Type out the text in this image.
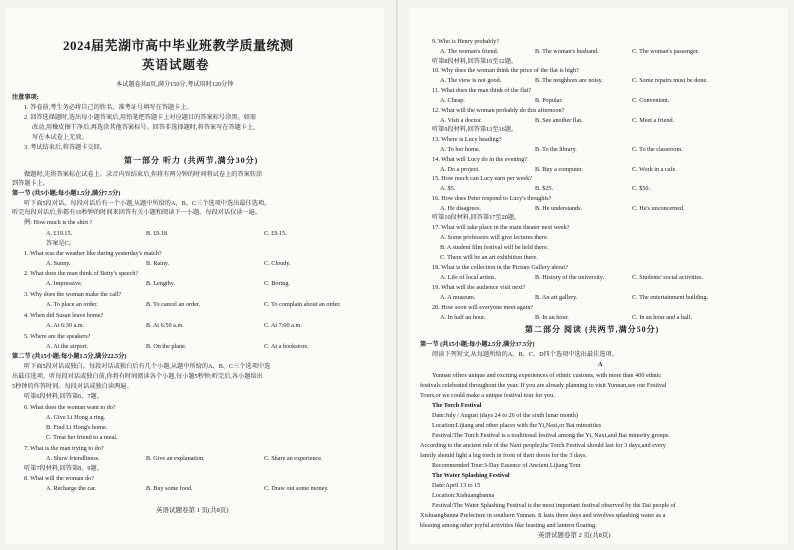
2024届芜湖市高中毕业班教学质量统测
英语试题卷
本试题卷共8页,满分150分,考试用时120分钟
注意事项:
1. 答卷前,考生务必将自己的姓名、准考证号填写在答题卡上。
2. 回答选择题时,选出每小题答案后,用铅笔把答题卡上对应题目的答案标号涂黑。如需
改动,用橡皮擦干净后,再选涂其他答案标号。回答非选择题时,将答案写在答题卡上,
写在本试卷上无效。
3. 考试结束后,将答题卡交回。
第一部分 听力 (共两节,满分30分)
做题时,先将答案标在试卷上。录音内容结束后,你将有两分钟的时间将试卷上的答案转涂
到答题卡上。
第一节 (共5小题;每小题1.5分,满分7.5分)
听下面5段对话。每段对话后有一个小题,从题中所给的A、B、C三个选项中选出最佳选项。
听完每段对话后,你都有10秒钟的时间来回答有关小题和阅读下一小题。每段对话仅读一遍。
例: How much is the shirt ?
A. £19.15.	B. £9.18.	C. £9.15.
答案是C。
1. What was the weather like during yesterday's match?
A. Sunny.	B. Rainy.	C. Cloudy.
2. What does the man think of Betty's speech?
A. Impressive.	B. Lengthy.	C. Boring.
3. Why does the woman make the call?
A. To place an order.	B. To cancel an order.	C. To complain about an order.
4. When did Susan leave home?
A. At 6:30 a.m.	B. At 6:50 a.m.	C. At 7:00 a.m.
5. Where are the speakers?
A. At the airport.	B. On the plane.	C. At a bookstore.
第二节 (共15小题;每小题1.5分,满分22.5分)
听下面5段对话或独白。每段对话或独白后有几个小题,从题中所给的A、B、C三个选项中选
出最佳选项。听每段对话或独白前,你将有时间阅读各个小题,每小题5秒钟;听完后,各小题给出
5秒钟的作答时间。每段对话或独白读两遍。
听第6段材料,回答第6、7题。
6. What does the woman want to do?
A. Give Li Hong a ring.
B. Find Li Hong's home.
C. Treat her friend to a meal.
7. What is the man trying to do?
A. Show friendliness.	B. Give an explanation.	C. Share an experience.
听第7段材料,回答第8、9题。
8. What will the woman do?
A. Recharge the car.	B. Buy some food.	C. Draw out some money.
英语试题卷第 1 页(共8页)
9. Who is Henry probably?
A. The woman's friend.	B. The woman's husband.	C. The woman's passenger.
听第8段材料,回答第10至12题。
10. Why does the woman think the price of the flat is high?
A. The view is not good.	B. The neighbors are noisy.	C. Some repairs must be done.
11. What does the man think of the flat?
A. Cheap.	B. Popular.	C. Convenient.
12. What will the woman probably do this afternoon?
A. Visit a doctor.	B. See another flat.	C. Meet a friend.
听第9段材料,回答第13至16题。
13. Where is Lucy heading?
A. To her home.	B. To the library.	C. To the classroom.
14. What will Lucy do in the evening?
A. Do a project.	B. Buy a computer.	C. Work in a cafe.
15. How much can Lucy earn per week?
A. $5.	B. $25.	C. $50.
16. How does Peter respond to Lucy's thoughts?
A. He disagrees.	B. He understands.	C. He's unconcerned.
听第10段材料,回答第17至20题。
17. What will take place in the main theater next week?
A. Some professors will give lectures there.
B. A student film festival will be held there.
C. There will be an art exhibition there.
18. What is the collection in the Picture Gallery about?
A. Life of local artists.	B. History of the university.	C. Students' social activities.
19. What will the audience visit next?
A. A museum.	B. An art gallery.	C. The entertainment building.
20. How soon will everyone meet again?
A. In half an hour.	B. In an hour.	C. In an hour and a half.
第二部分 阅读 (共两节,满分50分)
第一节 (共15小题;每小题2.5分,满分37.5分)
阅读下列短文,从每题所给的A、B、C、D四个选项中选出最佳选项。
A
Yunnan offers unique and exciting experiences of ethnic customs, with more than 400 ethnic
festivals celebrated throughout the year. If you are already planning to visit Yunnan,see our Festival
Tours,or we could make a unique festival tour for you.
The Torch Festival
Date:July / August (days 24 to 26 of the sixth lunar month)
Location:Lijiang and other places with the Yi,Naxi,or Bai minorities
Festival:The Torch Festival is a traditional festival among the Yi, Naxi,and Bai minority groups.
According to the ancient rule of the Naxi people,the Torch Festival should last for 3 days,and every
family should light a big torch in front of their doors for the 3 days.
Recommended Tour:3-Day Essence of Ancient Lijiang Tour
The Water Splashing Festival
Date:April 13 to 15
Location:Xishuangbanna
Festival:The Water Splashing Festival is the most important festival observed by the Dai people of
Xishuangbanna Prefecture in southern Yunnan. It lasts three days and involves splashing water as a
blessing among other joyful activities like feasting and lantern floating.
英语试题卷第 2 页(共8页)
